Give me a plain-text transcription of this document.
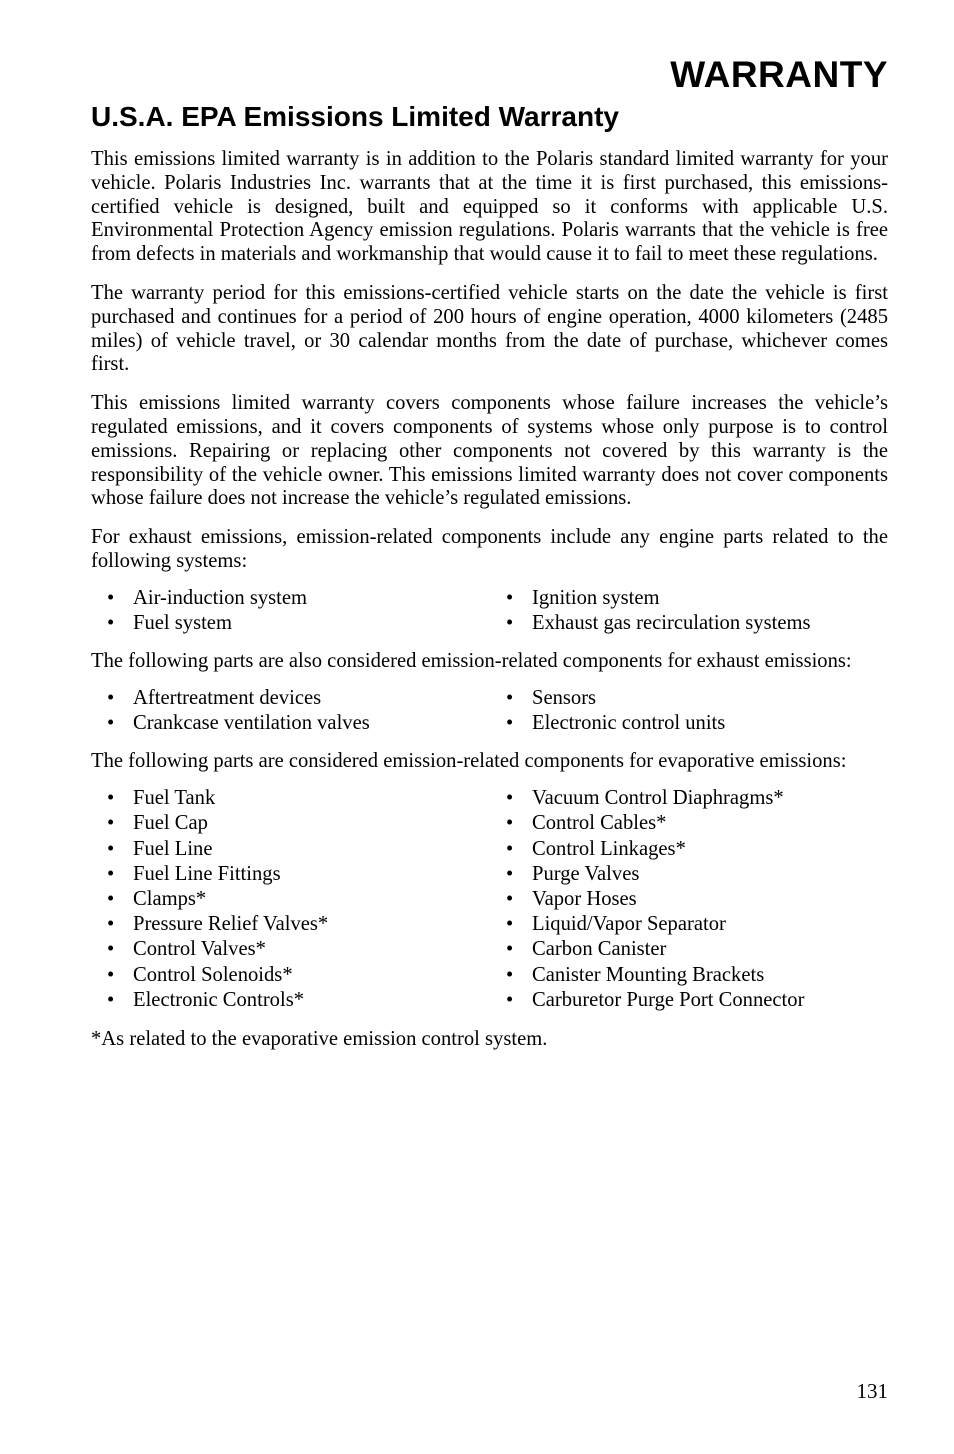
WARRANTY
U.S.A. EPA Emissions Limited Warranty

This emissions limited warranty is in addition to the Polaris standard limited warranty for your vehicle. Polaris Industries Inc. warrants that at the time it is first purchased, this emissions-certified vehicle is designed, built and equipped so it conforms with applicable U.S. Environmental Protection Agency emission regulations. Polaris warrants that the vehicle is free from defects in materials and workmanship that would cause it to fail to meet these regulations.

The warranty period for this emissions-certified vehicle starts on the date the vehicle is first purchased and continues for a period of 200 hours of engine operation, 4000 kilometers (2485 miles) of vehicle travel, or 30 calendar months from the date of purchase, whichever comes first.

This emissions limited warranty covers components whose failure increases the vehicle’s regulated emissions, and it covers components of systems whose only purpose is to control emissions. Repairing or replacing other components not covered by this warranty is the responsibility of the vehicle owner. This emissions limited warranty does not cover components whose failure does not increase the vehicle’s regulated emissions.

For exhaust emissions, emission-related components include any engine parts related to the following systems:

• Air-induction system	• Ignition system
• Fuel system	• Exhaust gas recirculation systems

The following parts are also considered emission-related components for exhaust emissions:

• Aftertreatment devices	• Sensors
• Crankcase ventilation valves	• Electronic control units

The following parts are considered emission-related components for evaporative emissions:

• Fuel Tank	• Vacuum Control Diaphragms*
• Fuel Cap	• Control Cables*
• Fuel Line	• Control Linkages*
• Fuel Line Fittings	• Purge Valves
• Clamps*	• Vapor Hoses
• Pressure Relief Valves*	• Liquid/Vapor Separator
• Control Valves*	• Carbon Canister
• Control Solenoids*	• Canister Mounting Brackets
• Electronic Controls*	• Carburetor Purge Port Connector

*As related to the evaporative emission control system.

131
